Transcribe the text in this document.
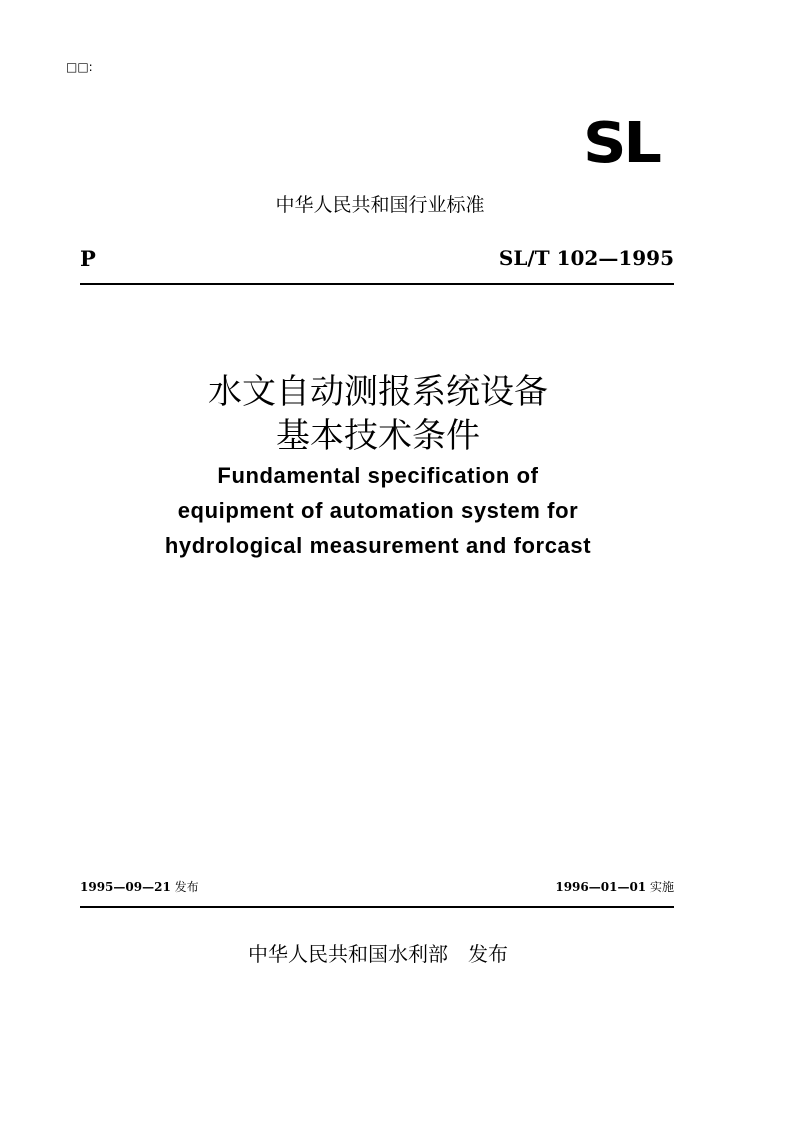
□□:
SL
中华人民共和国行业标准
P	SL/T 102—1995
水文自动测报系统设备
基本技术条件
Fundamental specification of
equipment of automation system for
hydrological measurement and forcast
1995—09—21 发布	1996—01—01 实施
中华人民共和国水利部　发布
